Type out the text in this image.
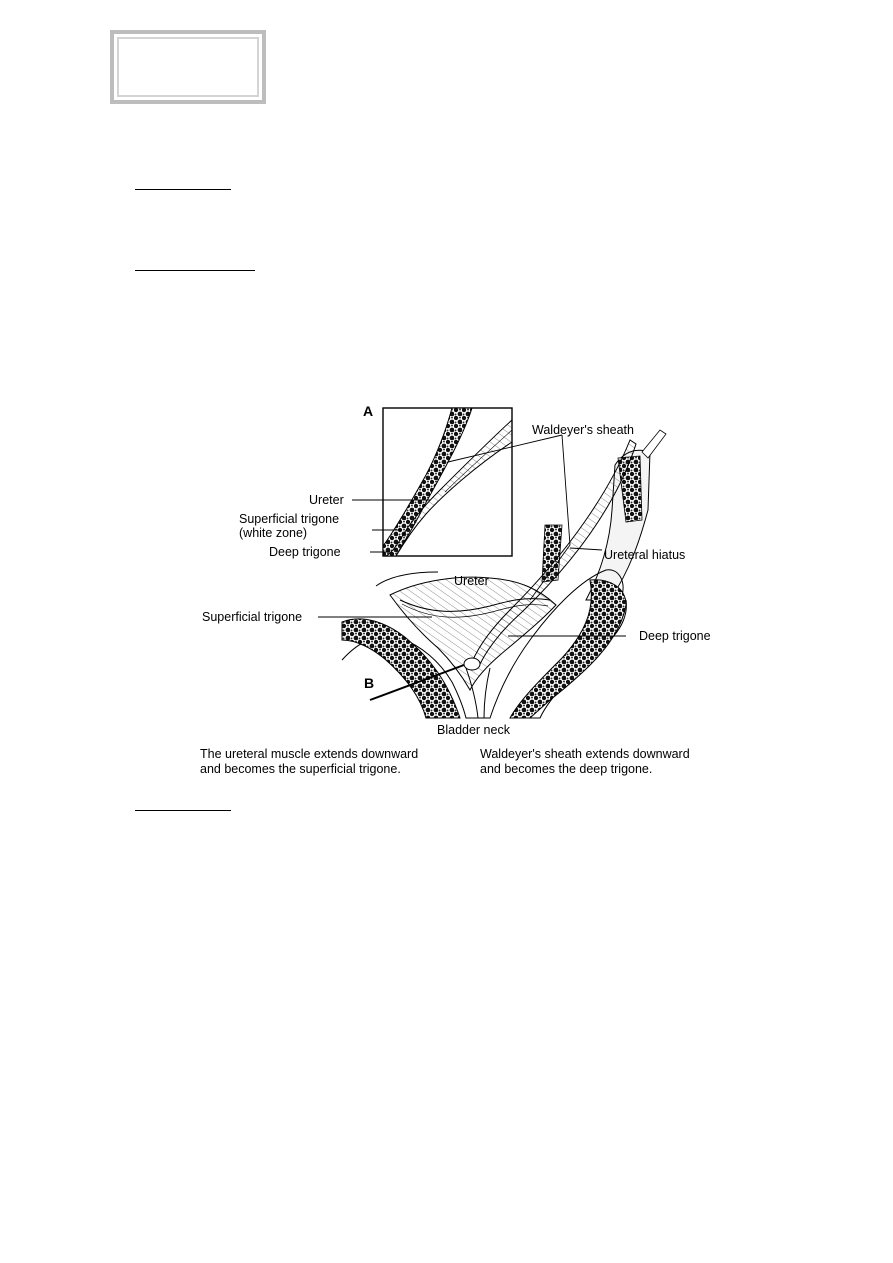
A
B
Waldeyer's sheath
Ureter
Superficial trigone
(white zone)
Deep trigone	Ureteral hiatus
Ureter
Superficial trigone
Deep trigone
Bladder neck
The ureteral muscle extends downward
and becomes the superficial trigone.
Waldeyer's sheath extends downward
and becomes the deep trigone.
